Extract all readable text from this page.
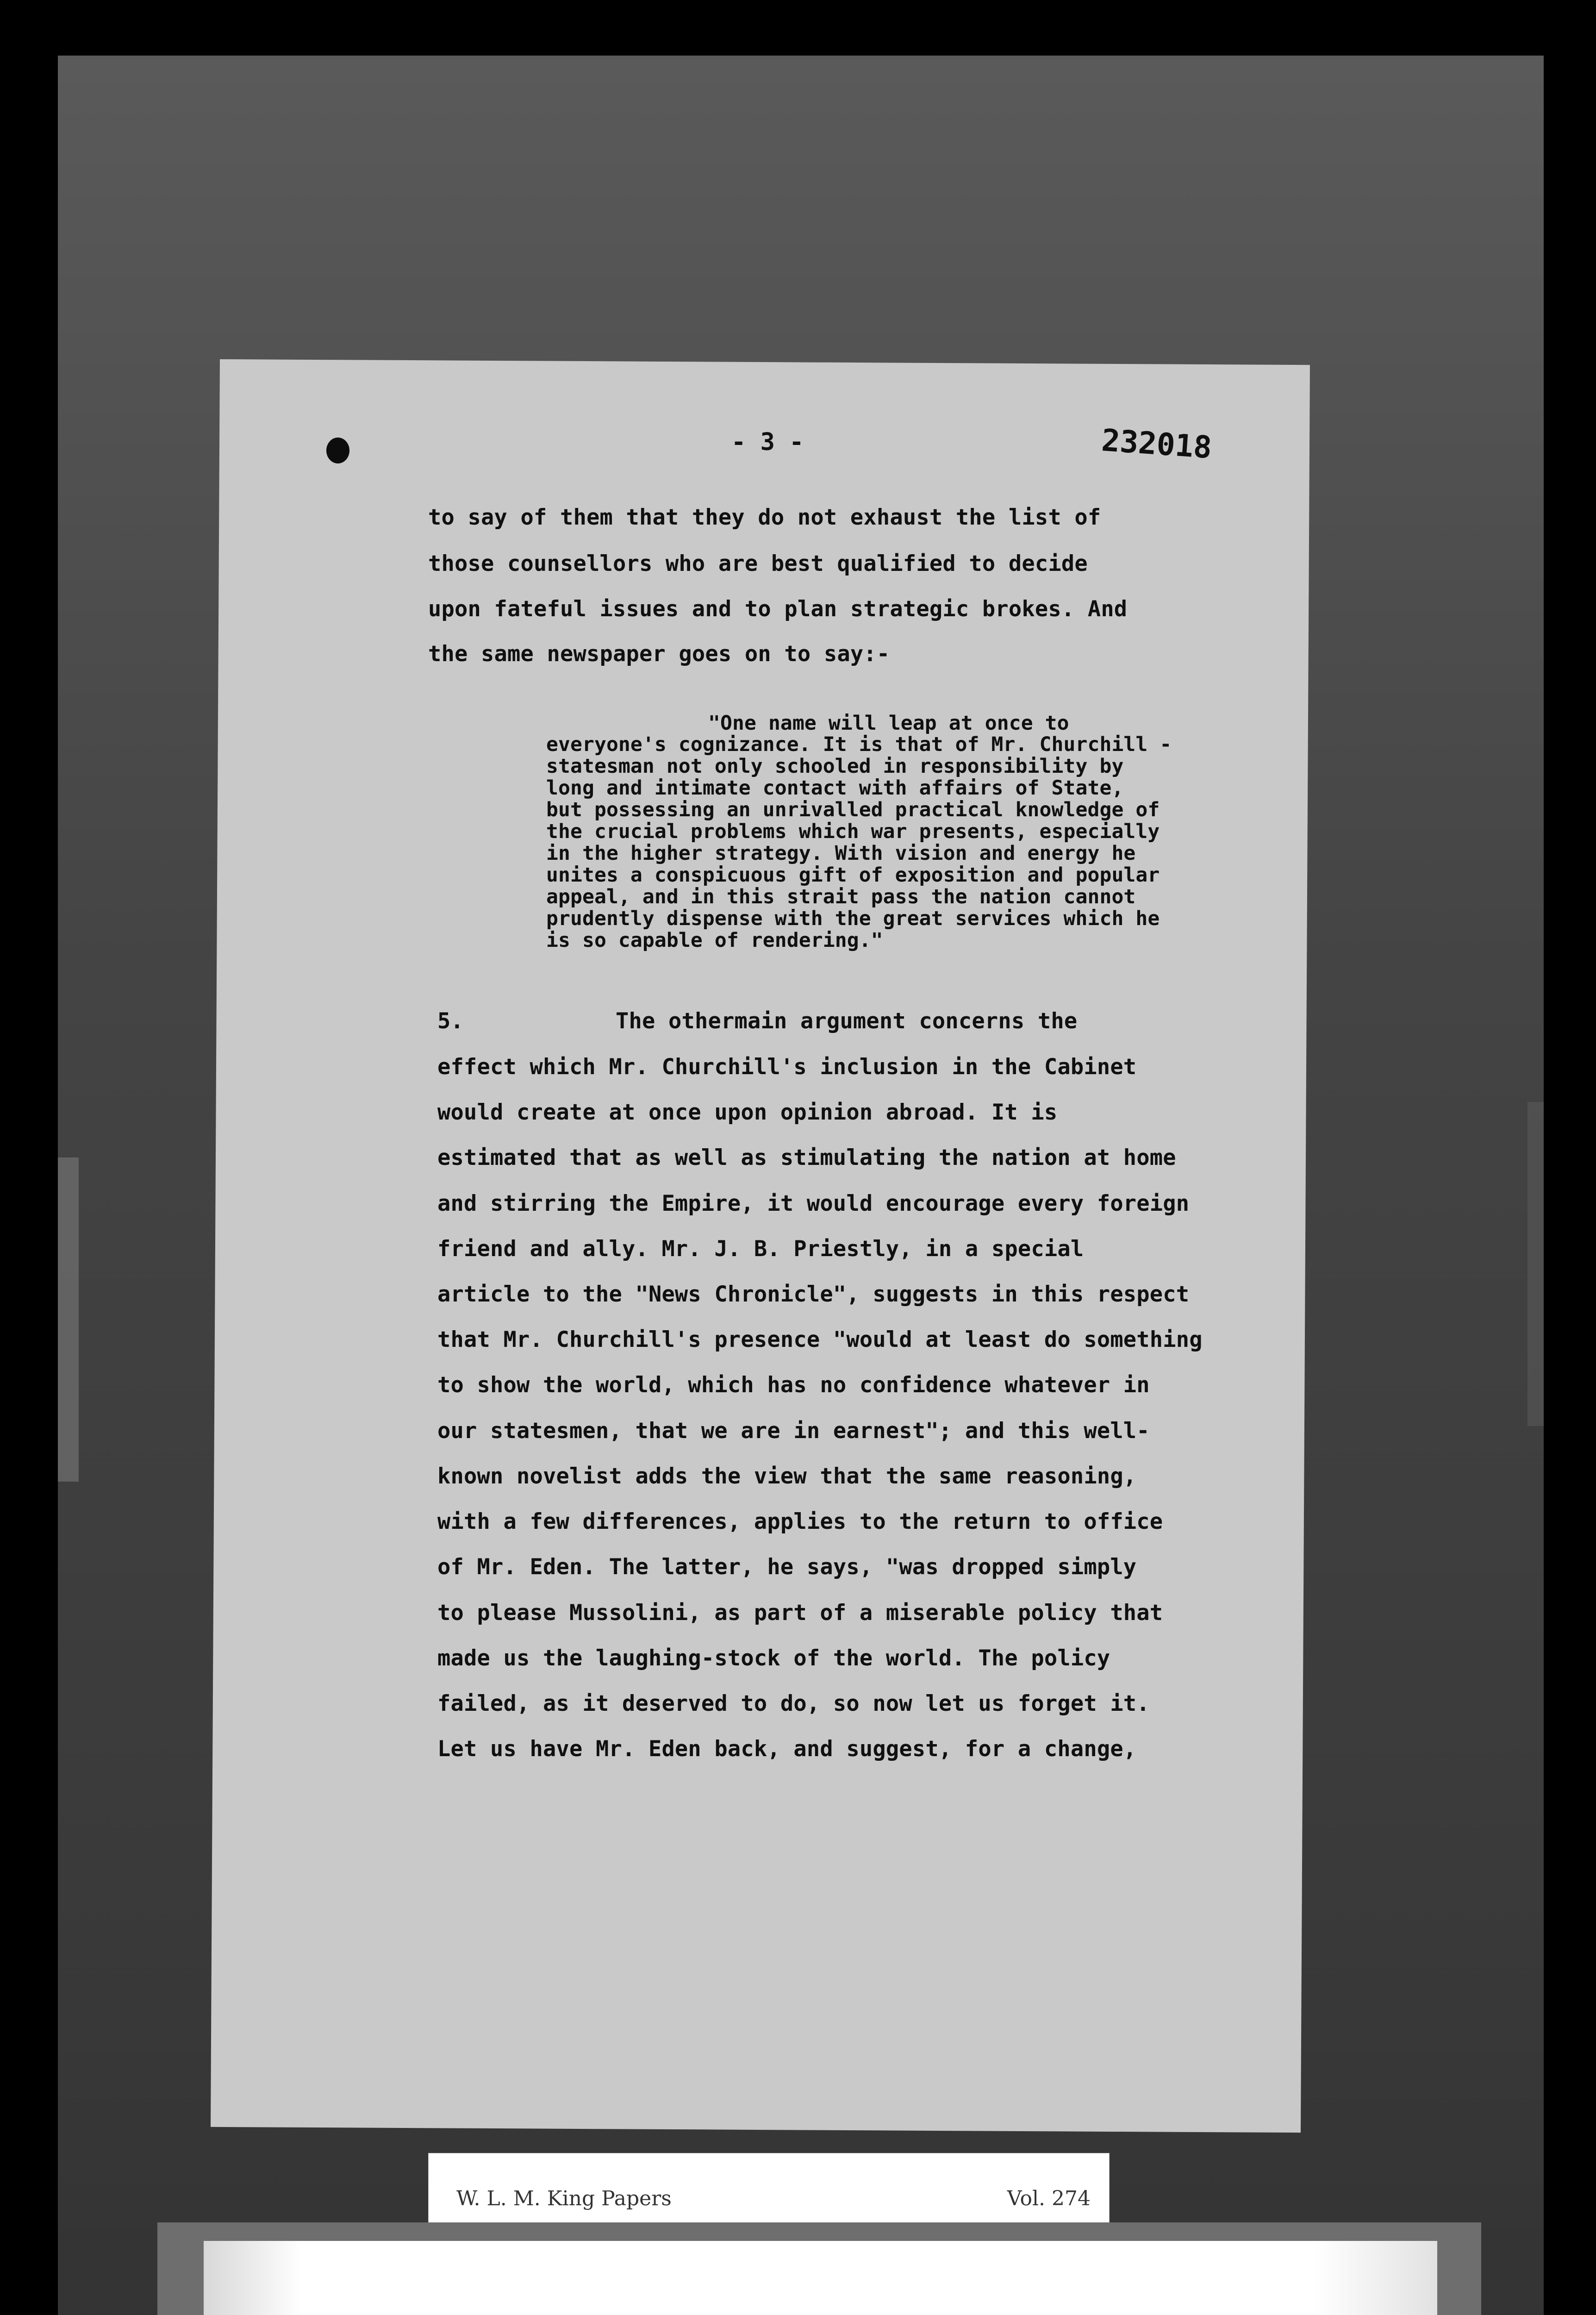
- 3 -	232018

to say of them that they do not exhaust the list of

those counsellors who are best qualified to decide

upon fateful issues and to plan strategic brokes. And

the same newspaper goes on to say:-

"One name will leap at once to

everyone's cognizance. It is that of Mr. Churchill -

statesman not only schooled in responsibility by

long and intimate contact with affairs of State,

but possessing an unrivalled practical knowledge of

the crucial problems which war presents, especially

in the higher strategy. With vision and energy he

unites a conspicuous gift of exposition and popular

appeal, and in this strait pass the nation cannot

prudently dispense with the great services which he

is so capable of rendering."

5.	The othermain argument concerns the

effect which Mr. Churchill's inclusion in the Cabinet

would create at once upon opinion abroad. It is

estimated that as well as stimulating the nation at home

and stirring the Empire, it would encourage every foreign

friend and ally. Mr. J. B. Priestly, in a special

article to the "News Chronicle", suggests in this respect

that Mr. Churchill's presence "would at least do something

to show the world, which has no confidence whatever in

our statesmen, that we are in earnest"; and this well-

known novelist adds the view that the same reasoning,

with a few differences, applies to the return to office

of Mr. Eden. The latter, he says, "was dropped simply

to please Mussolini, as part of a miserable policy that

made us the laughing-stock of the world. The policy

failed, as it deserved to do, so now let us forget it.

Let us have Mr. Eden back, and suggest, for a change,

W. L. M. King Papers	Vol. 274
